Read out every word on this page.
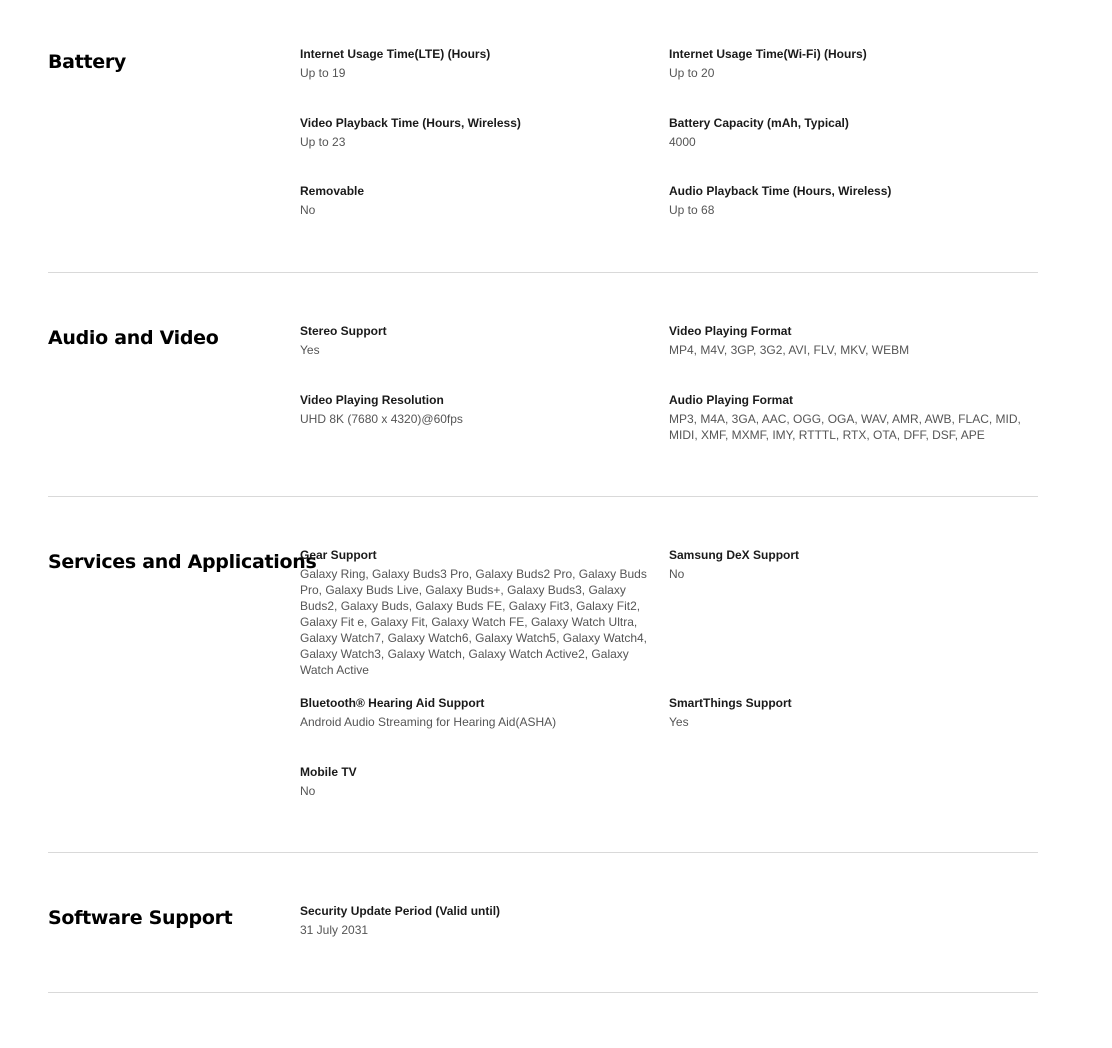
Battery	Internet Usage Time(LTE) (Hours)
Up to 19
Internet Usage Time(Wi-Fi) (Hours)
Up to 20
Video Playback Time (Hours, Wireless)
Up to 23
Battery Capacity (mAh, Typical)
4000
Removable
No
Audio Playback Time (Hours, Wireless)
Up to 68
Audio and Video	Stereo Support
Yes
Video Playing Format
MP4, M4V, 3GP, 3G2, AVI, FLV, MKV, WEBM
Video Playing Resolution
UHD 8K (7680 x 4320)@60fps
Audio Playing Format
MP3, M4A, 3GA, AAC, OGG, OGA, WAV, AMR, AWB, FLAC, MID, MIDI, XMF, MXMF, IMY, RTTTL, RTX, OTA, DFF, DSF, APE
Services and Applications
Gear Support
Galaxy Ring, Galaxy Buds3 Pro, Galaxy Buds2 Pro, Galaxy Buds Pro, Galaxy Buds Live, Galaxy Buds+, Galaxy Buds3, Galaxy Buds2, Galaxy Buds, Galaxy Buds FE, Galaxy Fit3, Galaxy Fit2, Galaxy Fit e, Galaxy Fit, Galaxy Watch FE, Galaxy Watch Ultra, Galaxy Watch7, Galaxy Watch6, Galaxy Watch5, Galaxy Watch4, Galaxy Watch3, Galaxy Watch, Galaxy Watch Active2, Galaxy Watch Active
Samsung DeX Support
No
Bluetooth® Hearing Aid Support
Android Audio Streaming for Hearing Aid(ASHA)
SmartThings Support
Yes
Mobile TV
No
Software Support	Security Update Period (Valid until)
31 July 2031
